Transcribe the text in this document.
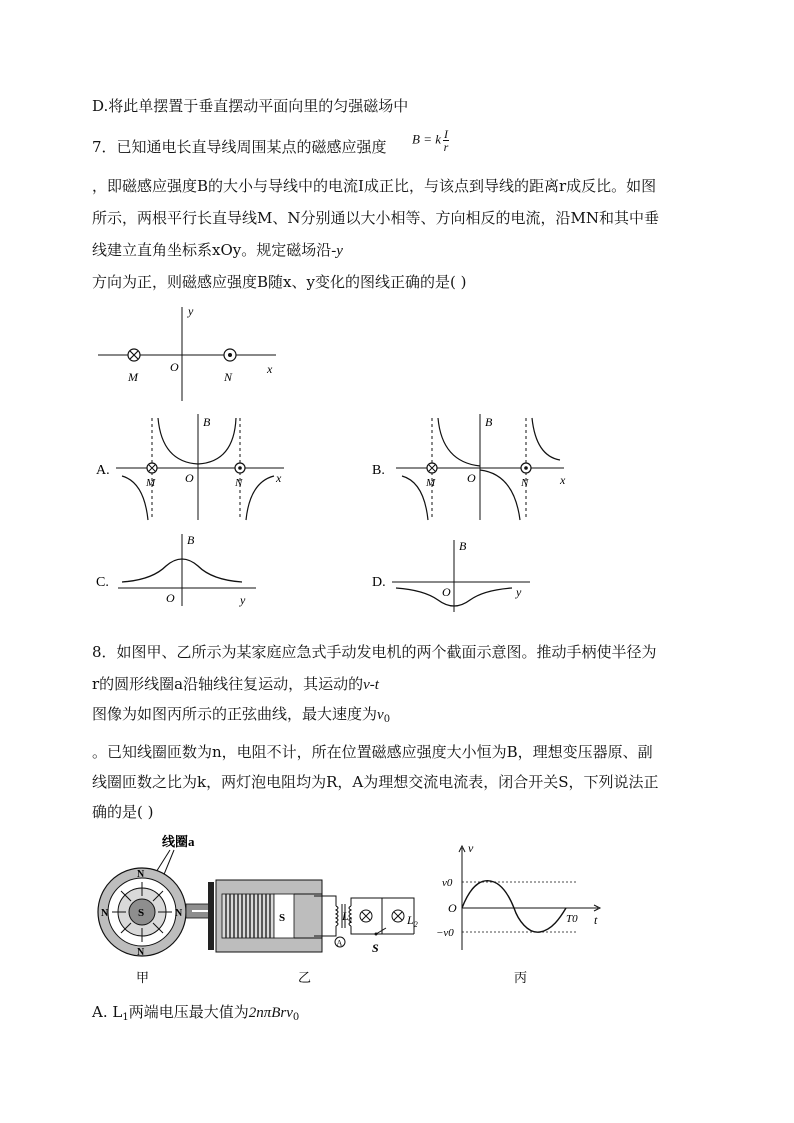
D.将此单摆置于垂直摆动平面向里的匀强磁场中
7．已知通电长直导线周围某点的磁感应强度 B = k $\frac{I}{r}$
，即磁感应强度B的大小与导线中的电流I成正比，与该点到导线的距离r成反比。如图
所示，两根平行长直导线M、N分别通以大小相等、方向相反的电流，沿MN和其中垂
线建立直角坐标系xOy。规定磁场沿-y
方向为正，则磁感应强度B随x、y变化的图线正确的是( )
y
x
O
M	N
A.
B
x
O
M	N
B.
B
x
O
M	N
C.
B
y
O
D.
B
y
O
8．如图甲、乙所示为某家庭应急式手动发电机的两个截面示意图。推动手柄使半径为
r的圆形线圈a沿轴线往复运动，其运动的v-t
图像为如图丙所示的正弦曲线，最大速度为$v_0$
。已知线圈匝数为n，电阻不计，所在位置磁感应强度大小恒为B，理想变压器原、副
线圈匝数之比为k，两灯泡电阻均为R，A为理想交流电流表，闭合开关S，下列说法正
确的是( )
线圈a
S
N
N
N	N
甲
S
A
$L_1$	$L_2$
S
乙
v
t
O
v0
−v0
T0
丙
A. $L_1$两端电压最大值为2nπBrv$_0$
